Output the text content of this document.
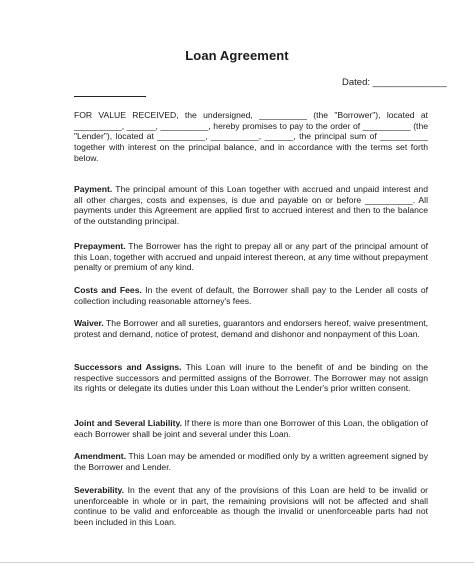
Loan Agreement
Dated: ______________

FOR VALUE RECEIVED, the undersigned, __________ (the "Borrower"), located at __________, ______, __________, hereby promises to pay to the order of __________ (the "Lender"), located at __________, __________, ______, the principal sum of __________ together with interest on the principal balance, and in accordance with the terms set forth below.

Payment. The principal amount of this Loan together with accrued and unpaid interest and all other charges, costs and expenses, is due and payable on or before __________. All payments under this Agreement are applied first to accrued interest and then to the balance of the outstanding principal.

Prepayment. The Borrower has the right to prepay all or any part of the principal amount of this Loan, together with accrued and unpaid interest thereon, at any time without prepayment penalty or premium of any kind.

Costs and Fees. In the event of default, the Borrower shall pay to the Lender all costs of collection including reasonable attorney's fees.

Waiver. The Borrower and all sureties, guarantors and endorsers hereof, waive presentment, protest and demand, notice of protest, demand and dishonor and nonpayment of this Loan.

Successors and Assigns. This Loan will inure to the benefit of and be binding on the respective successors and permitted assigns of the Borrower. The Borrower may not assign its rights or delegate its duties under this Loan without the Lender's prior written consent.

Joint and Several Liability. If there is more than one Borrower of this Loan, the obligation of each Borrower shall be joint and several under this Loan.

Amendment. This Loan may be amended or modified only by a written agreement signed by the Borrower and Lender.

Severability. In the event that any of the provisions of this Loan are held to be invalid or unenforceable in whole or in part, the remaining provisions will not be affected and shall continue to be valid and enforceable as though the invalid or unenforceable parts had not been included in this Loan.
